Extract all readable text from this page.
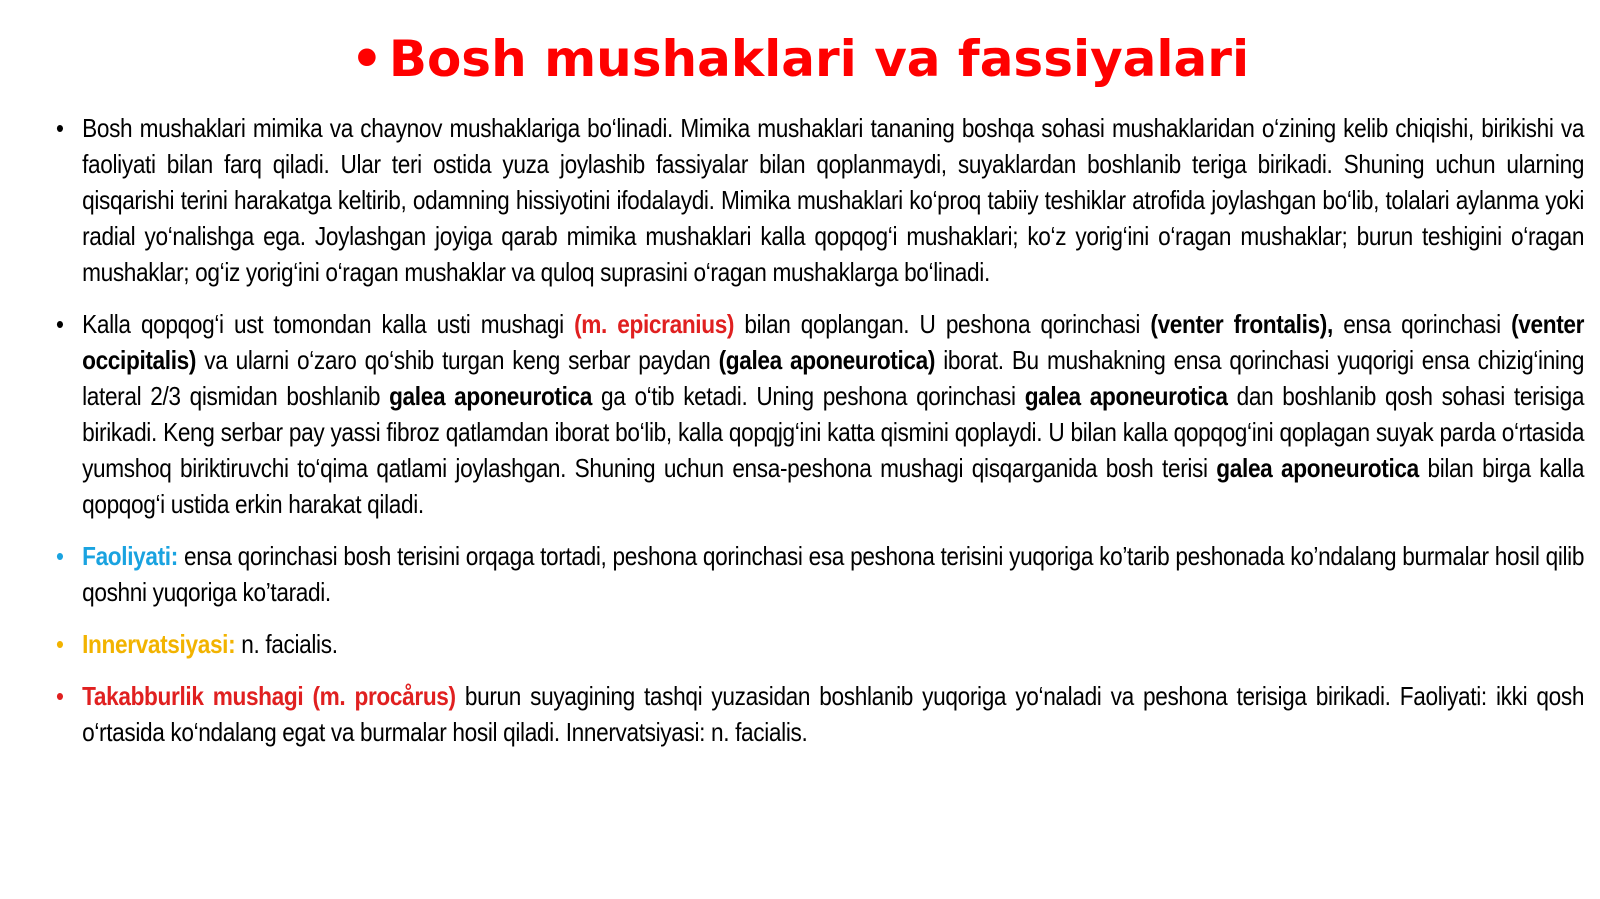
• Bosh mushaklari va fassiyalari
• Bosh mushaklari mimika va chaynov mushaklariga bo‘linadi. Mimika mushaklari tananing boshqa sohasi mushaklaridan o‘zining kelib chiqishi, birikishi va faoliyati bilan farq qiladi. Ular teri ostida yuza joylashib fassiyalar bilan qoplanmaydi, suyaklardan boshlanib teriga birikadi. Shuning uchun ularning qisqarishi terini harakatga keltirib, odamning hissiyotini ifodalaydi. Mimika mushaklari ko‘proq tabiiy teshiklar atrofida joylashgan bo‘lib, tolalari aylanma yoki radial yo‘nalishga ega. Joylashgan joyiga qarab mimika mushaklari kalla qopqog‘i mushaklari; ko‘z yorig‘ini o‘ragan mushaklar; burun teshigini o‘ragan mushaklar; og‘iz yorig‘ini o‘ragan mushaklar va quloq suprasini o‘ragan mushaklarga bo‘linadi.
• Kalla qopqog‘i ust tomondan kalla usti mushagi (m. epicranius) bilan qoplangan. U peshona qorinchasi (venter frontalis), ensa qorinchasi (venter occipitalis) va ularni o‘zaro qo‘shib turgan keng serbar paydan (galea aponeurotica) iborat. Bu mushakning ensa qorinchasi yuqorigi ensa chizig‘ining lateral 2/3 qismidan boshlanib galea aponeurotica ga o‘tib ketadi. Uning peshona qorinchasi galea aponeurotica dan boshlanib qosh sohasi terisiga birikadi. Keng serbar pay yassi fibroz qatlamdan iborat bo‘lib, kalla qopqjg‘ini katta qismini qoplaydi. U bilan kalla qopqog‘ini qoplagan suyak parda o‘rtasida yumshoq biriktiruvchi to‘qima qatlami joylashgan. Shuning uchun ensa-peshona mushagi qisqarganida bosh terisi galea aponeurotica bilan birga kalla qopqog‘i ustida erkin harakat qiladi.
• Faoliyati: ensa qorinchasi bosh terisini orqaga tortadi, peshona qorinchasi esa peshona terisini yuqoriga ko’tarib peshonada ko’ndalang burmalar hosil qilib qoshni yuqoriga ko’taradi.
• Innervatsiyasi: n. facialis.
• Takabburlik mushagi (m. procårus) burun suyagining tashqi yuzasidan boshlanib yuqoriga yo‘naladi va peshona terisiga birikadi. Faoliyati: ikki qosh o‘rtasida ko‘ndalang egat va burmalar hosil qiladi. Innervatsiyasi: n. facialis.
